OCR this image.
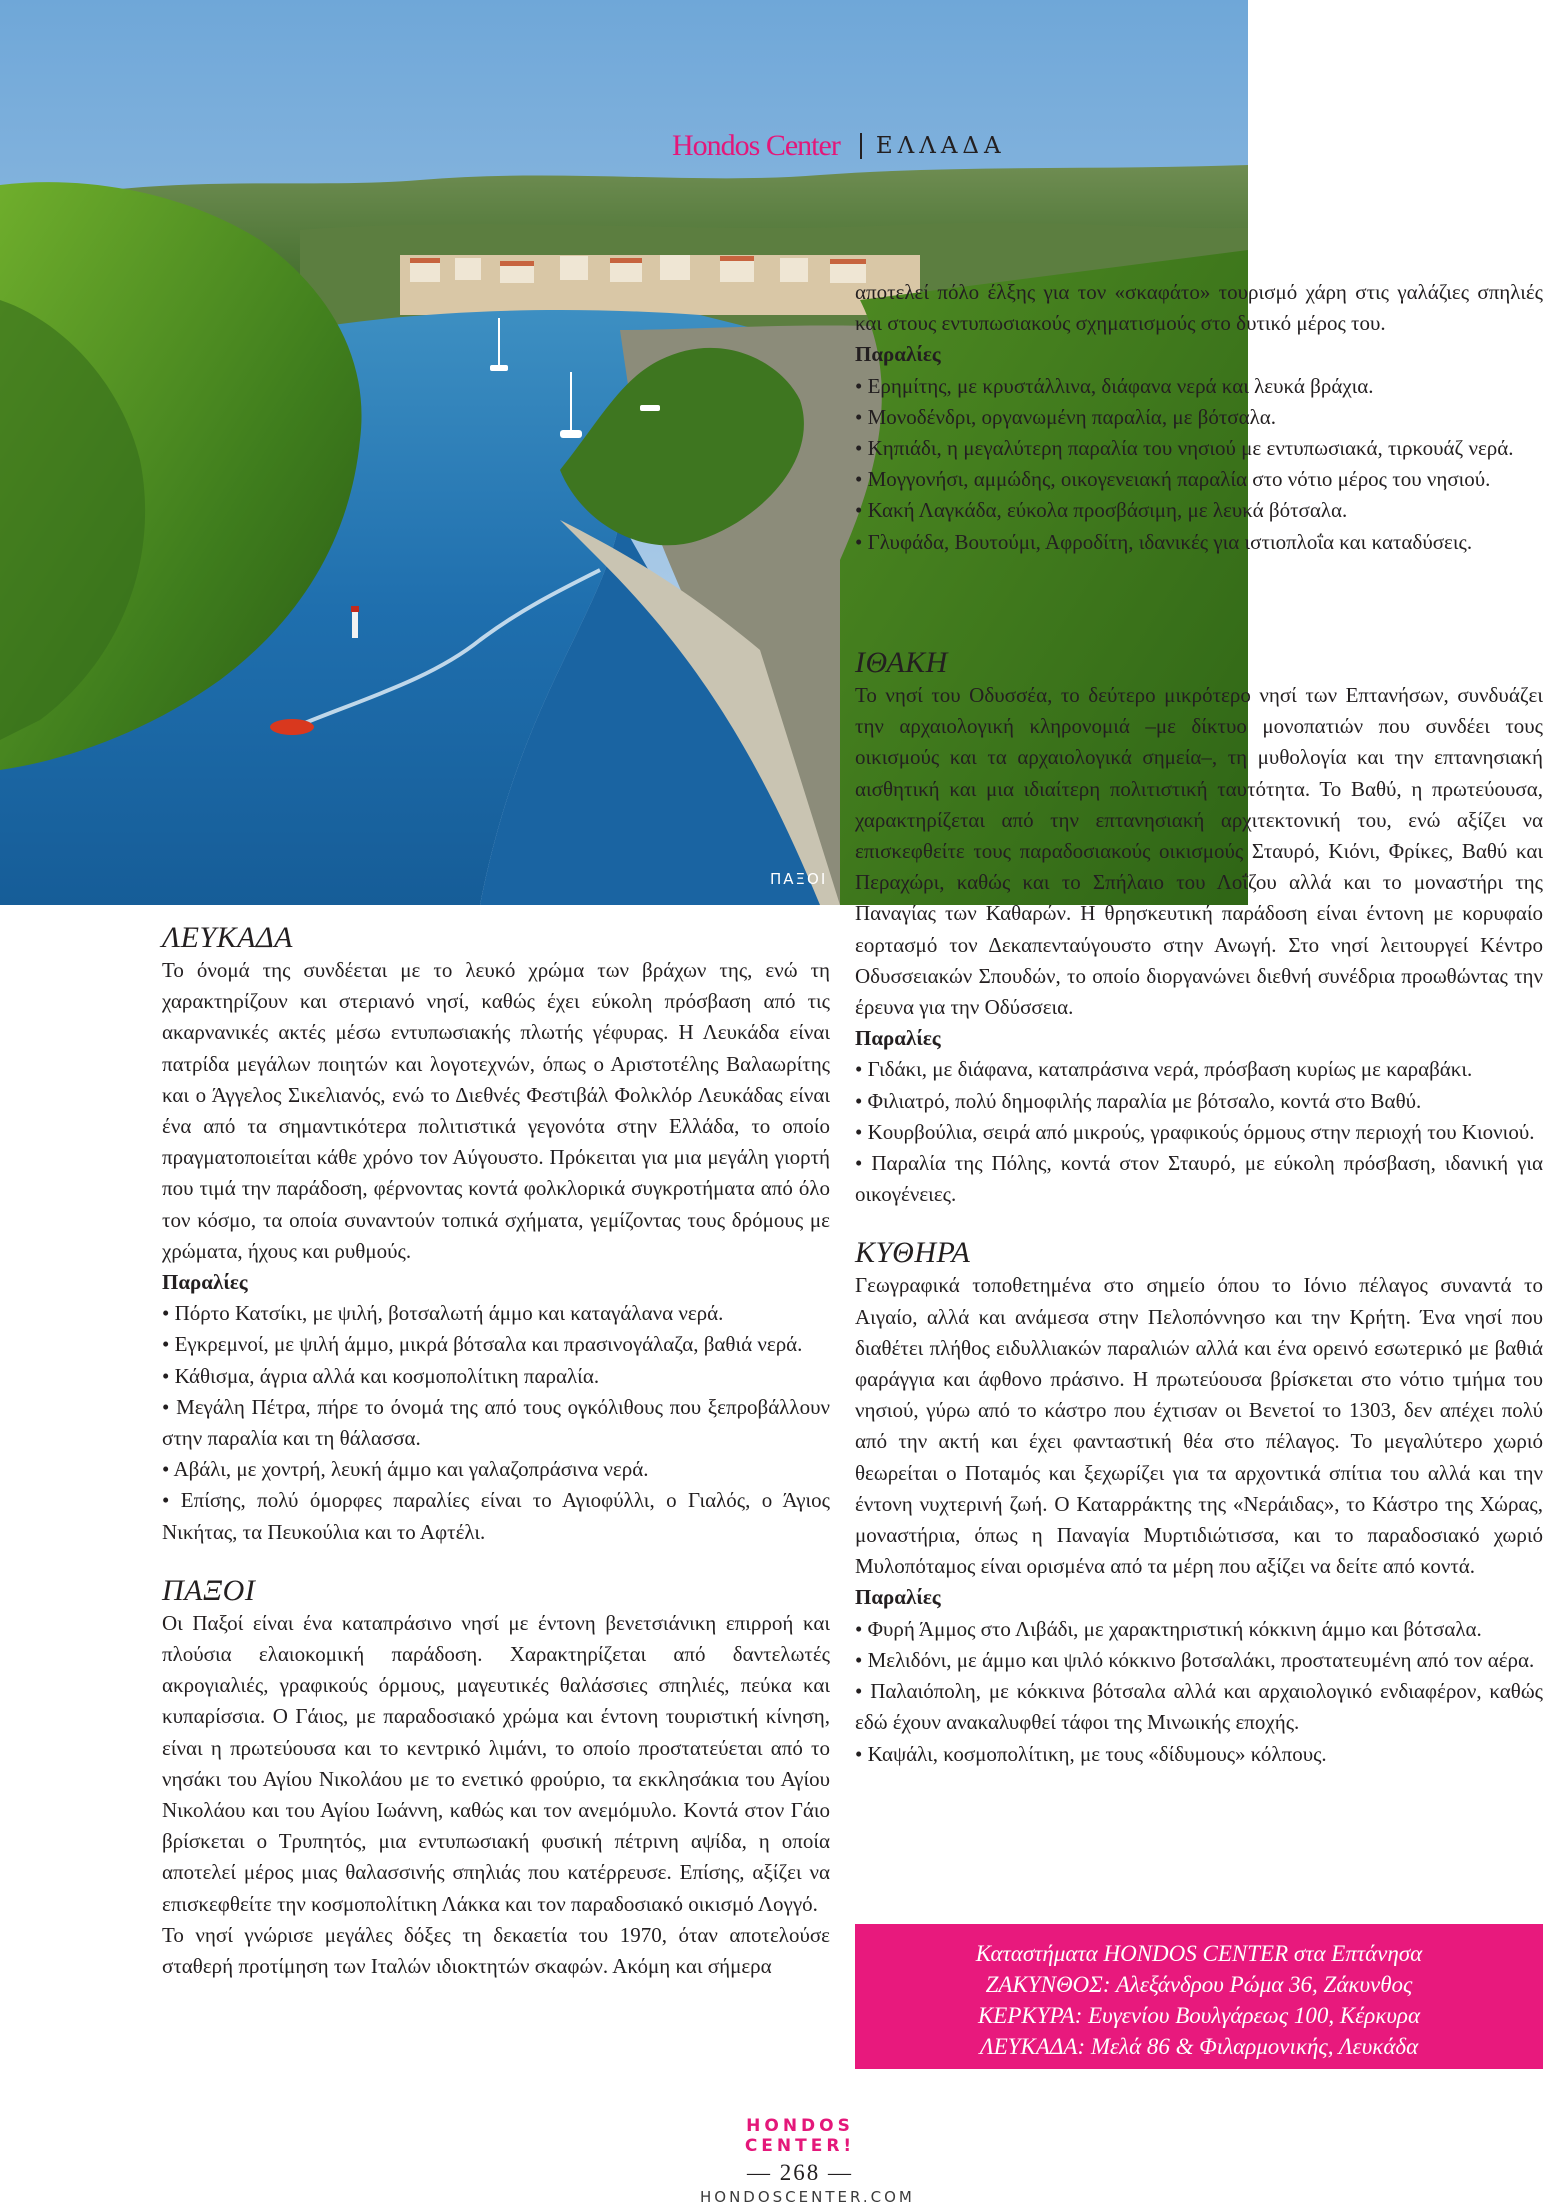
ΠΑΞΟΙ
Hondos Center ΕΛΛΑΔΑ
ΛΕΥΚΑΔΑ

Το όνομά της συνδέεται με το λευκό χρώμα των βράχων της, ενώ τη χαρακτηρίζουν και στεριανό νησί, καθώς έχει εύκολη πρόσβαση από τις ακαρνανικές ακτές μέσω εντυπωσιακής πλωτής γέφυρας. Η Λευκάδα είναι πατρίδα μεγάλων ποιητών και λογοτεχνών, όπως ο Αριστοτέλης Βαλαωρίτης και ο Άγγελος Σικελιανός, ενώ το Διεθνές Φεστιβάλ Φολκλόρ Λευκάδας είναι ένα από τα σημαντικότερα πολιτιστικά γεγονότα στην Ελλάδα, το οποίο πραγματοποιείται κάθε χρόνο τον Αύγουστο. Πρόκειται για μια μεγάλη γιορτή που τιμά την παράδοση, φέρνοντας κοντά φολκλορικά συγκροτήματα από όλο τον κόσμο, τα οποία συναντούν τοπικά σχήματα, γεμίζοντας τους δρόμους με χρώματα, ήχους και ρυθμούς.

Παραλίες
• Πόρτο Κατσίκι, με ψιλή, βοτσαλωτή άμμο και καταγάλανα νερά.
• Εγκρεμνοί, με ψιλή άμμο, μικρά βότσαλα και πρασινογάλαζα, βαθιά νερά.
• Κάθισμα, άγρια αλλά και κοσμοπολίτικη παραλία.
• Μεγάλη Πέτρα, πήρε το όνομά της από τους ογκόλιθους που ξεπροβάλλουν στην παραλία και τη θάλασσα.
• Αβάλι, με χοντρή, λευκή άμμο και γαλαζοπράσινα νερά.
• Επίσης, πολύ όμορφες παραλίες είναι το Αγιοφύλλι, ο Γιαλός, ο Άγιος Νικήτας, τα Πευκούλια και το Αφτέλι.
ΠΑΞΟΙ

Οι Παξοί είναι ένα καταπράσινο νησί με έντονη βενετσιάνικη επιρροή και πλούσια ελαιοκομική παράδοση. Χαρακτηρίζεται από δαντελωτές ακρογιαλιές, γραφικούς όρμους, μαγευτικές θαλάσσιες σπηλιές, πεύκα και κυπαρίσσια. Ο Γάιος, με παραδοσιακό χρώμα και έντονη τουριστική κίνηση, είναι η πρωτεύουσα και το κεντρικό λιμάνι, το οποίο προστατεύεται από το νησάκι του Αγίου Νικολάου με το ενετικό φρούριο, τα εκκλησάκια του Αγίου Νικολάου και του Αγίου Ιωάννη, καθώς και τον ανεμόμυλο. Κοντά στον Γάιο βρίσκεται ο Τρυπητός, μια εντυπωσιακή φυσική πέτρινη αψίδα, η οποία αποτελεί μέρος μιας θαλασσινής σπηλιάς που κατέρρευσε. Επίσης, αξίζει να επισκεφθείτε την κοσμοπολίτικη Λάκκα και τον παραδοσιακό οικισμό Λογγό.

Το νησί γνώρισε μεγάλες δόξες τη δεκαετία του 1970, όταν αποτελούσε σταθερή προτίμηση των Ιταλών ιδιοκτητών σκαφών. Ακόμη και σήμερα

αποτελεί πόλο έλξης για τον «σκαφάτο» τουρισμό χάρη στις γαλάζιες σπηλιές και στους εντυπωσιακούς σχηματισμούς στο δυτικό μέρος του.

Παραλίες
• Ερημίτης, με κρυστάλλινα, διάφανα νερά και λευκά βράχια.
• Μονοδένδρι, οργανωμένη παραλία, με βότσαλα.
• Κηπιάδι, η μεγαλύτερη παραλία του νησιού με εντυπωσιακά, τιρκουάζ νερά.
• Μογγονήσι, αμμώδης, οικογενειακή παραλία στο νότιο μέρος του νησιού.
• Κακή Λαγκάδα, εύκολα προσβάσιμη, με λευκά βότσαλα.
• Γλυφάδα, Βουτούμι, Αφροδίτη, ιδανικές για ιστιοπλοΐα και καταδύσεις.
ΙΘΑΚΗ

Το νησί του Οδυσσέα, το δεύτερο μικρότερο νησί των Επτανήσων, συνδυάζει την αρχαιολογική κληρονομιά –με δίκτυο μονοπατιών που συνδέει τους οικισμούς και τα αρχαιολογικά σημεία–, τη μυθολογία και την επτανησιακή αισθητική και μια ιδιαίτερη πολιτιστική ταυτότητα. Το Βαθύ, η πρωτεύουσα, χαρακτηρίζεται από την επτανησιακή αρχιτεκτονική του, ενώ αξίζει να επισκεφθείτε τους παραδοσιακούς οικισμούς Σταυρό, Κιόνι, Φρίκες, Βαθύ και Περαχώρι, καθώς και το Σπήλαιο του Λοΐζου αλλά και το μοναστήρι της Παναγίας των Καθαρών. Η θρησκευτική παράδοση είναι έντονη με κορυφαίο εορτασμό τον Δεκαπενταύγουστο στην Ανωγή. Στο νησί λειτουργεί Κέντρο Οδυσσειακών Σπουδών, το οποίο διοργανώνει διεθνή συνέδρια προωθώντας την έρευνα για την Οδύσσεια.

Παραλίες
• Γιδάκι, με διάφανα, καταπράσινα νερά, πρόσβαση κυρίως με καραβάκι.
• Φιλιατρό, πολύ δημοφιλής παραλία με βότσαλο, κοντά στο Βαθύ.
• Κουρβούλια, σειρά από μικρούς, γραφικούς όρμους στην περιοχή του Κιονιού.
• Παραλία της Πόλης, κοντά στον Σταυρό, με εύκολη πρόσβαση, ιδανική για οικογένειες.
ΚΥΘΗΡΑ

Γεωγραφικά τοποθετημένα στο σημείο όπου το Ιόνιο πέλαγος συναντά το Αιγαίο, αλλά και ανάμεσα στην Πελοπόννησο και την Κρήτη. Ένα νησί που διαθέτει πλήθος ειδυλλιακών παραλιών αλλά και ένα ορεινό εσωτερικό με βαθιά φαράγγια και άφθονο πράσινο. Η πρωτεύουσα βρίσκεται στο νότιο τμήμα του νησιού, γύρω από το κάστρο που έχτισαν οι Βενετοί το 1303, δεν απέχει πολύ από την ακτή και έχει φανταστική θέα στο πέλαγος. Το μεγαλύτερο χωριό θεωρείται ο Ποταμός και ξεχωρίζει για τα αρχοντικά σπίτια του αλλά και την έντονη νυχτερινή ζωή. Ο Καταρράκτης της «Νεράιδας», το Κάστρο της Χώρας, μοναστήρια, όπως η Παναγία Μυρτιδιώτισσα, και το παραδοσιακό χωριό Μυλοπόταμος είναι ορισμένα από τα μέρη που αξίζει να δείτε από κοντά.

Παραλίες
• Φυρή Άμμος στο Λιβάδι, με χαρακτηριστική κόκκινη άμμο και βότσαλα.
• Μελιδόνι, με άμμο και ψιλό κόκκινο βοτσαλάκι, προστατευμένη από τον αέρα.
• Παλαιόπολη, με κόκκινα βότσαλα αλλά και αρχαιολογικό ενδιαφέρον, καθώς εδώ έχουν ανακαλυφθεί τάφοι της Μινωικής εποχής.
• Καψάλι, κοσμοπολίτικη, με τους «δίδυμους» κόλπους.
Καταστήματα HONDOS CENTER στα Επτάνησα
ΖΑΚΥΝΘΟΣ: Αλεξάνδρου Ρώμα 36, Ζάκυνθος
ΚΕΡΚΥΡΑ: Ευγενίου Βουλγάρεως 100, Κέρκυρα
ΛΕΥΚΑΔΑ: Μελά 86 & Φιλαρμονικής, Λευκάδα
HONDOS CENTER!
— 268 —
HONDOSCENTER.COM
